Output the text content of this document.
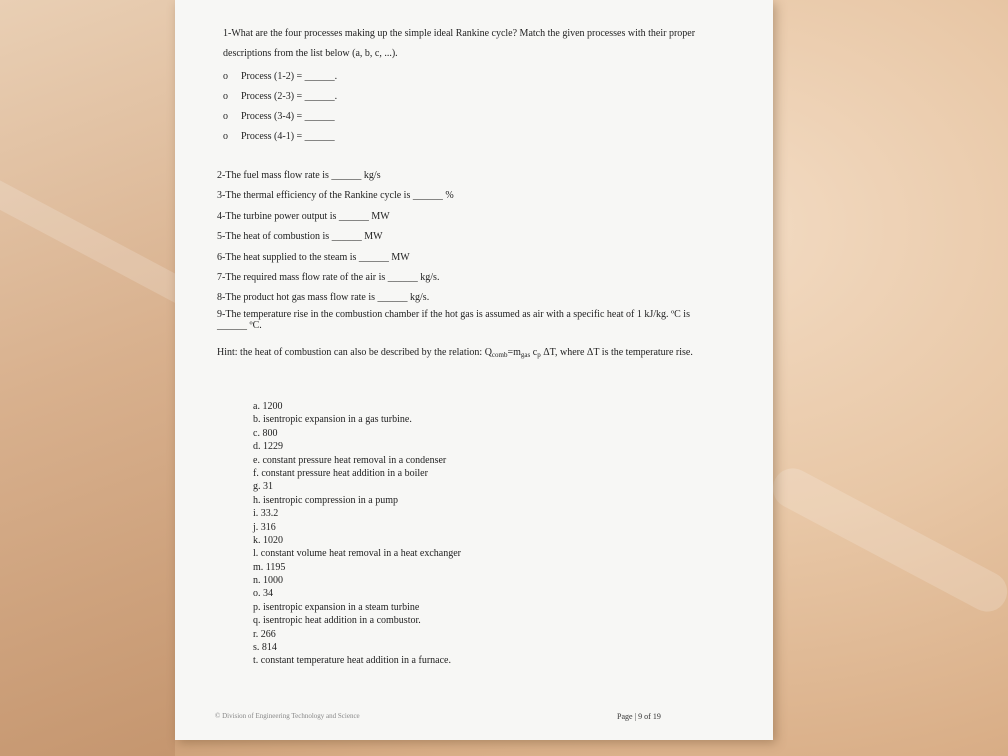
1-What are the four processes making up the simple ideal Rankine cycle? Match the given processes with their proper descriptions from the list below (a, b, c, ...).
o Process (1-2) = ______.
o Process (2-3) = ______.
o Process (3-4) = ______
o Process (4-1) = ______
2-The fuel mass flow rate is ______ kg/s
3-The thermal efficiency of the Rankine cycle is ______ %
4-The turbine power output is ______ MW
5-The heat of combustion is ______ MW
6-The heat supplied to the steam is ______ MW
7-The required mass flow rate of the air is ______ kg/s.
8-The product hot gas mass flow rate is ______ kg/s.
9-The temperature rise in the combustion chamber if the hot gas is assumed as air with a specific heat of 1 kJ/kg. ºC is ______ ºC.
Hint: the heat of combustion can also be described by the relation: $Q_{comb}=m_{gas}$ $c_p$ ΔT, where ΔT is the temperature rise.
a. 1200
b. isentropic expansion in a gas turbine.
c. 800
d. 1229
e. constant pressure heat removal in a condenser
f. constant pressure heat addition in a boiler
g. 31
h. isentropic compression in a pump
i. 33.2
j. 316
k. 1020
l. constant volume heat removal in a heat exchanger
m. 1195
n. 1000
o. 34
p. isentropic expansion in a steam turbine
q. isentropic heat addition in a combustor.
r. 266
s. 814
t. constant temperature heat addition in a furnace.
© Division of Engineering Technology and Science	Page | 9 of 19
